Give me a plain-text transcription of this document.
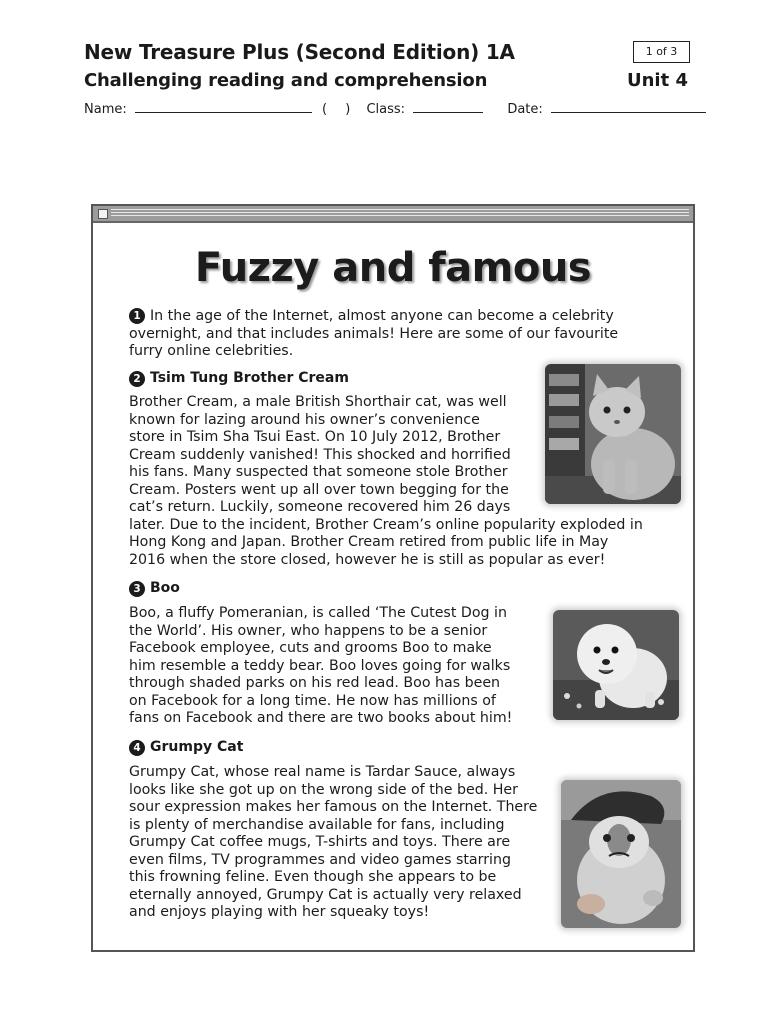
New Treasure Plus (Second Edition) 1A	1 of 3
Challenging reading and comprehension	Unit 4
Name:	( ) Class:	Date:
Fuzzy and famous
1 In the age of the Internet, almost anyone can become a celebrity
overnight, and that includes animals! Here are some of our favourite
furry online celebrities.
2 Tsim Tung Brother Cream
Brother Cream, a male British Shorthair cat, was well
known for lazing around his owner’s convenience
store in Tsim Sha Tsui East. On 10 July 2012, Brother
Cream suddenly vanished! This shocked and horrified
his fans. Many suspected that someone stole Brother
Cream. Posters went up all over town begging for the
cat’s return. Luckily, someone recovered him 26 days
later. Due to the incident, Brother Cream’s online popularity exploded in
Hong Kong and Japan. Brother Cream retired from public life in May
2016 when the store closed, however he is still as popular as ever!
3 Boo
Boo, a fluffy Pomeranian, is called ‘The Cutest Dog in
the World’. His owner, who happens to be a senior
Facebook employee, cuts and grooms Boo to make
him resemble a teddy bear. Boo loves going for walks
through shaded parks on his red lead. Boo has been
on Facebook for a long time. He now has millions of
fans on Facebook and there are two books about him!
4 Grumpy Cat
Grumpy Cat, whose real name is Tardar Sauce, always
looks like she got up on the wrong side of the bed. Her
sour expression makes her famous on the Internet. There
is plenty of merchandise available for fans, including
Grumpy Cat coffee mugs, T-shirts and toys. There are
even films, TV programmes and video games starring
this frowning feline. Even though she appears to be
eternally annoyed, Grumpy Cat is actually very relaxed
and enjoys playing with her squeaky toys!
